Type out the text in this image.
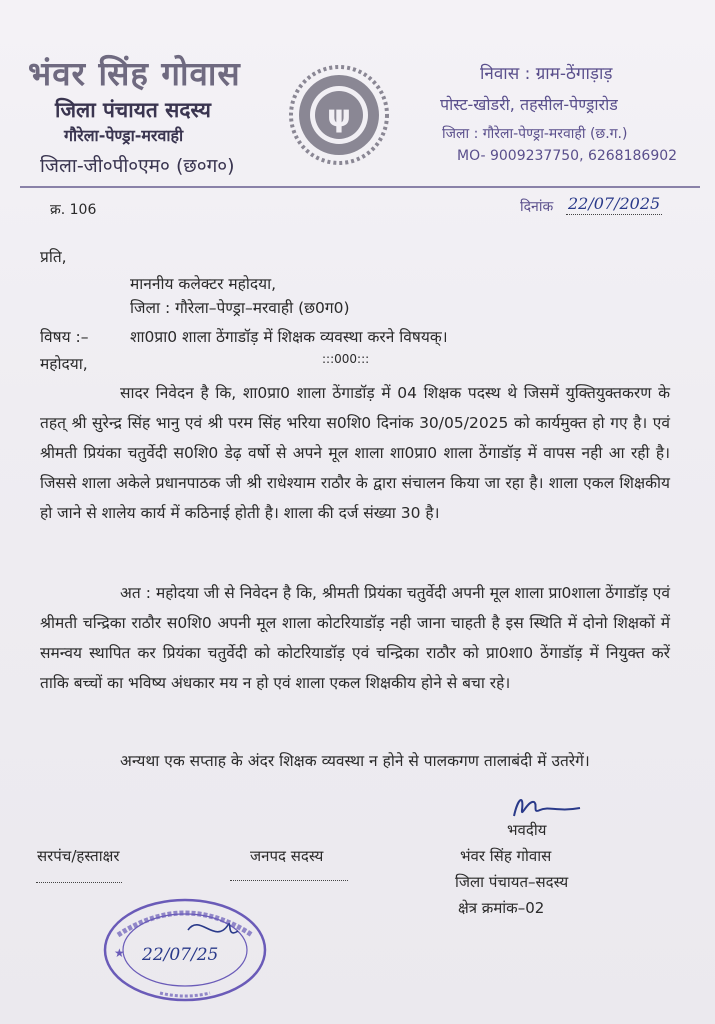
भंवर सिंह गोवास
जिला पंचायत सदस्य
गौरेला-पेण्ड्रा-मरवाही
जिला-जी०पी०एम० (छ०ग०)
ψ
निवास : ग्राम-ठेंगाड़ाड़
पोस्ट-खोडरी, तहसील-पेण्ड्रारोड
जिला : गौरेला-पेण्ड्रा-मरवाही (छ.ग.)
MO- 9009237750, 6268186902
क्र. 106	दिनांक 22/07/2025
प्रति,
माननीय कलेक्टर महोदया,
जिला : गौरेला–पेण्ड्रा–मरवाही (छ0ग0)
विषय :–	शा0प्रा0 शाला ठेंगाडॉड़ में शिक्षक व्यवस्था करने विषयक्।
महोदया,	:::000:::
सादर निवेदन है कि, शा0प्रा0 शाला ठेंगाडॉड़ में 04 शिक्षक पदस्थ थे जिसमें युक्तियुक्तकरण के तहत् श्री सुरेन्द्र सिंह भानु एवं श्री परम सिंह भरिया स0शि0 दिनांक 30/05/2025 को कार्यमुक्त हो गए है। एवं श्रीमती प्रियंका चतुर्वेदी स0शि0 डेढ़ वर्षो से अपने मूल शाला शा0प्रा0 शाला ठेंगाडॉड़ में वापस नही आ रही है। जिससे शाला अकेले प्रधानपाठक जी श्री राधेश्याम राठौर के द्वारा संचालन किया जा रहा है। शाला एकल शिक्षकीय हो जाने से शालेय कार्य में कठिनाई होती है। शाला की दर्ज संख्या 30 है।
अत : महोदया जी से निवेदन है कि, श्रीमती प्रियंका चतुर्वेदी अपनी मूल शाला प्रा0शाला ठेंगाडॉड़ एवं श्रीमती चन्द्रिका राठौर स0शि0 अपनी मूल शाला कोटरियाडॉड़ नही जाना चाहती है इस स्थिति में दोनो शिक्षकों में समन्वय स्थापित कर प्रियंका चतुर्वेदी को कोटरियाडॉड़ एवं चन्द्रिका राठौर को प्रा0शा0 ठेंगाडॉड़ में नियुक्त करें ताकि बच्चों का भविष्य अंधकार मय न हो एवं शाला एकल शिक्षकीय होने से बचा रहे।
अन्यथा एक सप्ताह के अंदर शिक्षक व्यवस्था न होने से पालकगण तालाबंदी में उतरेगें।
सरपंच/हस्ताक्षर	जनपद सदस्य
भवदीय
भंवर सिंह गोवास
जिला पंचायत–सदस्य
क्षेत्र क्रमांक–02
★ 22/07/25
